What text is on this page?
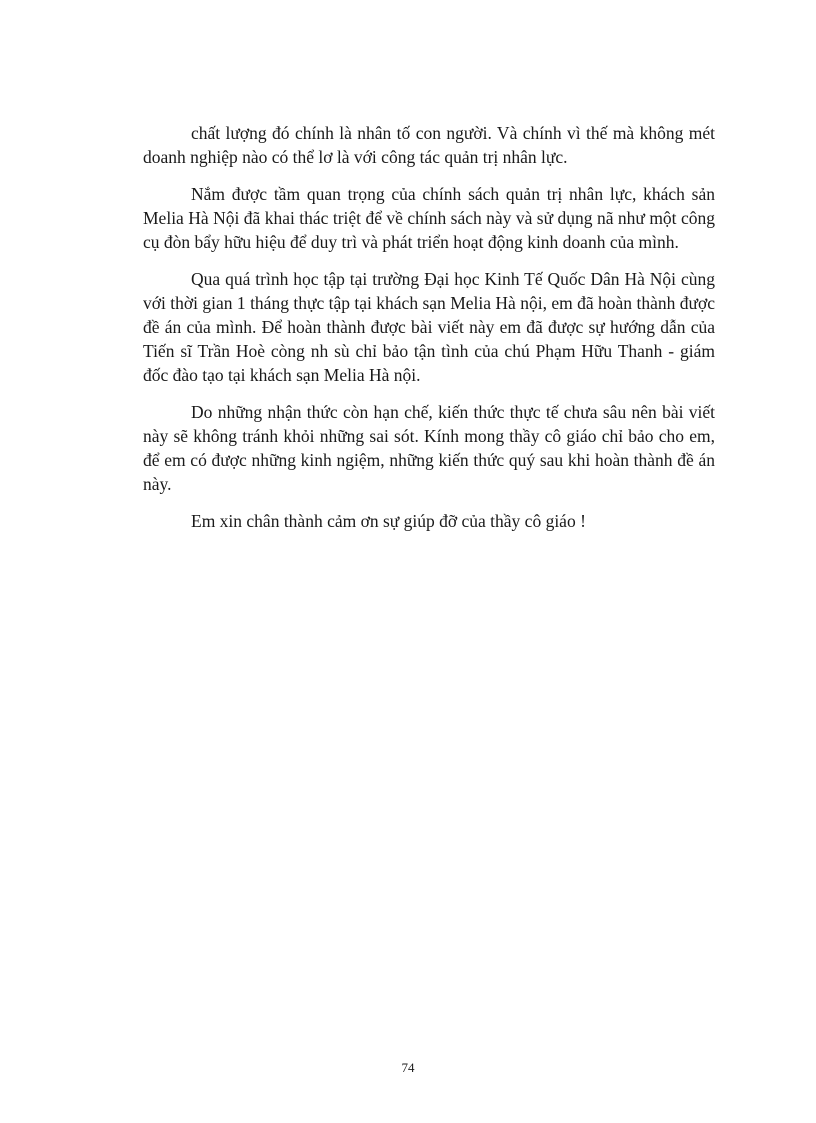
chất lượng đó chính là nhân tố con người. Và chính vì thế mà không mét doanh nghiệp nào có thể lơ là với công tác quản trị nhân lực.

Nắm được tầm quan trọng của chính sách quản trị nhân lực, khách sản Melia Hà Nội đã khai thác triệt để về chính sách này và sử dụng nã như một công cụ đòn bẩy hữu hiệu để duy trì và phát triển hoạt động kinh doanh của mình.

Qua quá trình học tập tại trường Đại học Kinh Tế Quốc Dân Hà Nội cùng với thời gian 1 tháng thực tập tại khách sạn Melia Hà nội, em đã hoàn thành được đề án của mình. Để hoàn thành được bài viết này em đã được sự hướng dẫn của Tiến sĩ Trần Hoè còng nh sù chỉ bảo tận tình của chú Phạm Hữu Thanh - giám đốc đào tạo tại khách sạn Melia Hà nội.

Do những nhận thức còn hạn chế, kiến thức thực tế chưa sâu nên bài viết này sẽ không tránh khỏi những sai sót. Kính mong thầy cô giáo chỉ bảo cho em, để em có được những kinh ngiệm, những kiến thức quý sau khi hoàn thành đề án này.

Em xin chân thành cảm ơn sự giúp đỡ của thầy cô giáo !

74
